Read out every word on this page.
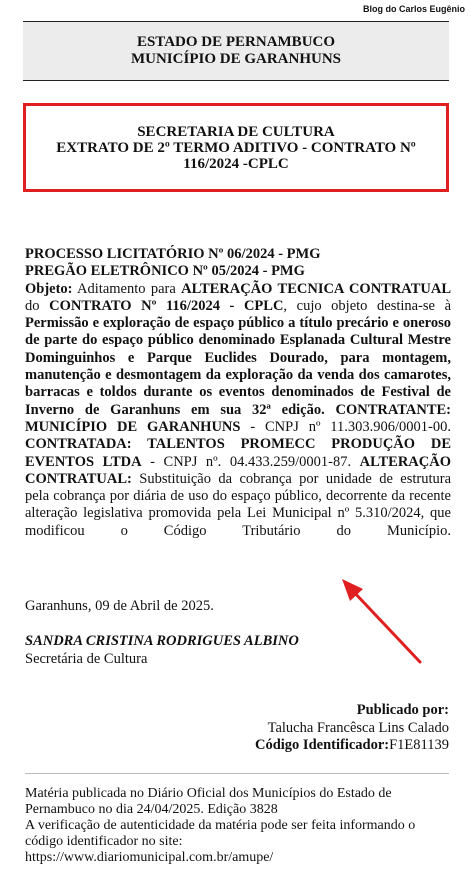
Blog do Carlos Eugênio
ESTADO DE PERNAMBUCO
MUNICÍPIO DE GARANHUNS
SECRETARIA DE CULTURA
EXTRATO DE 2º TERMO ADITIVO - CONTRATO Nº
116/2024 -CPLC

PROCESSO LICITATÓRIO Nº 06/2024 - PMG

PREGÃO ELETRÔNICO Nº 05/2024 - PMG

Objeto: Aditamento para ALTERAÇÃO TECNICA CONTRATUAL do CONTRATO Nº 116/2024 - CPLC, cujo objeto destina-se à Permissão e exploração de espaço público a título precário e oneroso de parte do espaço público denominado Esplanada Cultural Mestre Dominguinhos e Parque Euclides Dourado, para montagem, manutenção e desmontagem da exploração da venda dos camarotes, barracas e toldos durante os eventos denominados de Festival de Inverno de Garanhuns em sua 32ª edição. CONTRATANTE: MUNICÍPIO DE GARANHUNS - CNPJ nº 11.303.906/0001-00. CONTRATADA: TALENTOS PROMECC PRODUÇÃO DE EVENTOS LTDA - CNPJ nº. 04.433.259/0001-87. ALTERAÇÃO CONTRATUAL: Substituição da cobrança por unidade de estrutura pela cobrança por diária de uso do espaço público, decorrente da recente alteração legislativa promovida pela Lei Municipal nº 5.310/2024, que modificou o Código Tributário do Município.

Garanhuns, 09 de Abril de 2025.
SANDRA CRISTINA RODRIGUES ALBINO
Secretária de Cultura
Publicado por:
Talucha Francêsca Lins Calado
Código Identificador:F1E81139
Matéria publicada no Diário Oficial dos Municípios do Estado de Pernambuco no dia 24/04/2025. Edição 3828
A verificação de autenticidade da matéria pode ser feita informando o código identificador no site:
https://www.diariomunicipal.com.br/amupe/
